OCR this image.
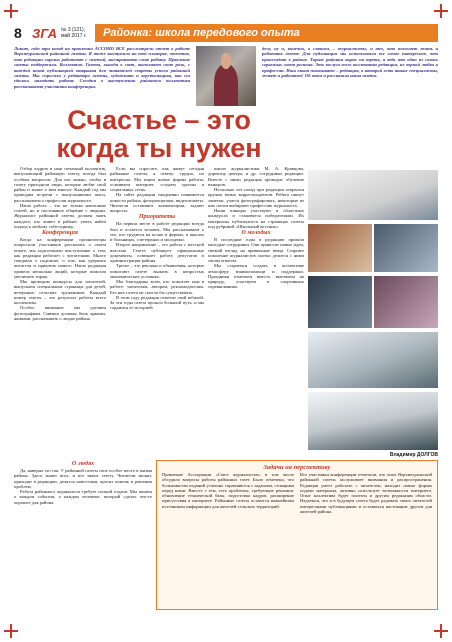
8 ЗГА № 3 (121),
май 2017 г.	Районка: школа передового опыта
Линию, года три назад на правлении АССОНО ВСЕ рассмотрели отчет о работе Верхнеуральской районной газеты. Я тоже выступила на той планерке, отметив, что редакции хорошо работают с газетой, выстраивают свою работу. Правление газеты поддержали. Коллектив. Газета, выходя в свет, выполняет свою роль, с каждой новой публикацией открывая для читателей секреты успеха районной газеты. Мы спросили у редактора газеты, художника и верстальщика, как им удалось наладить работу. Сегодня о выступлении районного коллектива рассказывают участники конференции.
делу, ну и, конечно, о главном, – журналистах, и тех, кто помогает жить и работать газете. Для публикации мы использовали все самое интересное, что происходит в районе. Тираж районки вырос на треть, а ведь это одна из самых серьезных газет региона. Это заслуга всего коллектива редакции, их верной любви к профессии. Наш опыт показывает – редакция, в которой есть такие специалисты, живет и работает! Об этом и рассказала наша газета.
Счастье – это
когда ты нужен

Отбор кадров в наш печатный коллектив, выпускающий районную газету, всегда был особым вопросом. Для нас важно, чтобы в газету приходили люди, которые любят свой район и знают о нем многое. Каждый год мы проводим встречи с выпускниками школ, рассказываем о профессии журналиста.

Наша работа – это не только написание статей, но и постоянное общение с людьми. Журналист районной газеты должен знать каждого, кто живет в районе, уметь найти подход к любому собеседнику.

Конференция

Когда на конференции организаторы попросили участников рассказать о своем опыте, мы подготовили выступление о том, как редакция работает с читателями. Много говорили о подписке, о том, как удержать читателя и привлечь нового. Наша редакция провела несколько акций, которые помогли увеличить тираж.

Мы проводим конкурсы для читателей, выпускаем специальные страницы для детей, ветеранов, сельских тружеников. Каждый номер газеты – это результат работы всего коллектива.

Особое внимание мы уделяем фотографиям. Снимки должны быть яркими, живыми, рассказывать о людях района.

О людях

Да, наверно это так. У районной газеты свое особое место в жизни района. Здесь знают всех, и все знают газету. Читатели звонят, приходят в редакцию, делятся новостями, просят помочь в решении проблем.

Работа районного журналиста требует полной отдачи. Мы пишем о каждом событии, о каждом человеке, который сделал что-то хорошее для района.

Если вы спросите, как живут сегодня районные газеты, я отвечу: трудно, но интересно. Мы ищем новые формы работы, осваиваем интернет, создаем группы в социальных сетях.

На сайте редакции ежедневно появляются новости района, фоторепортажи, видеосюжеты. Читатели оставляют комментарии, задают вопросы.

Приоритеты

На первом месте в работе редакции всегда был и остается человек. Мы рассказываем о тех, кто трудится на полях и фермах, в школах и больницах, о ветеранах и молодежи.

Второе направление – это работа с местной властью. Газета публикует официальные документы, освещает работу депутатов и администрации района.

Третье – это реклама и объявления, которые помогают газете выжить в непростых экономических условиях.

Мы благодарны всем, кто помогает нам в работе: читателям, авторам, рекламодателям. Без них газета не смогла бы существовать.

В этом году редакция отметит свой юбилей. За эти годы газета прошла большой путь, и мы гордимся ее историей.

школе журналистики М. А. Кравцова, директор центра, и др. сотрудники редакции. Вместе с ними редакция проводит обучение юнкоров.

Несколько лет назад при редакции открылся кружок юных корреспондентов. Ребята пишут заметки, учатся фотографировать, некоторые из них потом выбирают профессию журналиста.

Наши юнкоры участвуют в областных конкурсах и становятся победителями. Их материалы публикуются на страницах газеты под рубрикой «Школьный вестник».

О молодых

В последние годы в редакцию пришли молодые сотрудники. Они приносят новые идеи, свежий взгляд на привычные вещи. Старшее поколение журналистов охотно делится с ними своим опытом.

Мы стараемся создать в коллективе атмосферу взаимопомощи и поддержки. Праздники отмечаем вместе, выезжаем на природу, участвуем в спортивных соревнованиях.

Владимир ДОЛГОВ
Задачи на перспективу
Правление Ассоциации «Союз журналистов» в том числе обсудило вопросы работы районных газет. Было отмечено, что большинство изданий успешно справляются с задачами, стоящими перед ними. Вместе с тем, есть проблемы, требующие решения: обновление технической базы, подготовка кадров, расширение присутствия в интернете. Районные газеты остаются важнейшим источником информации для жителей сельских территорий.
Все участники конференции отметили, что опыт Верхнеуральской районной газеты заслуживает внимания и распространения. Редакция умеет работать с читателем, находит новые формы подачи материала, активно использует возможности интернета. Опыт коллектива будет полезен и другим редакциям области. Надеемся, что и в будущем газета будет радовать своих читателей интересными публикациями и оставаться настоящим другом для жителей района.
